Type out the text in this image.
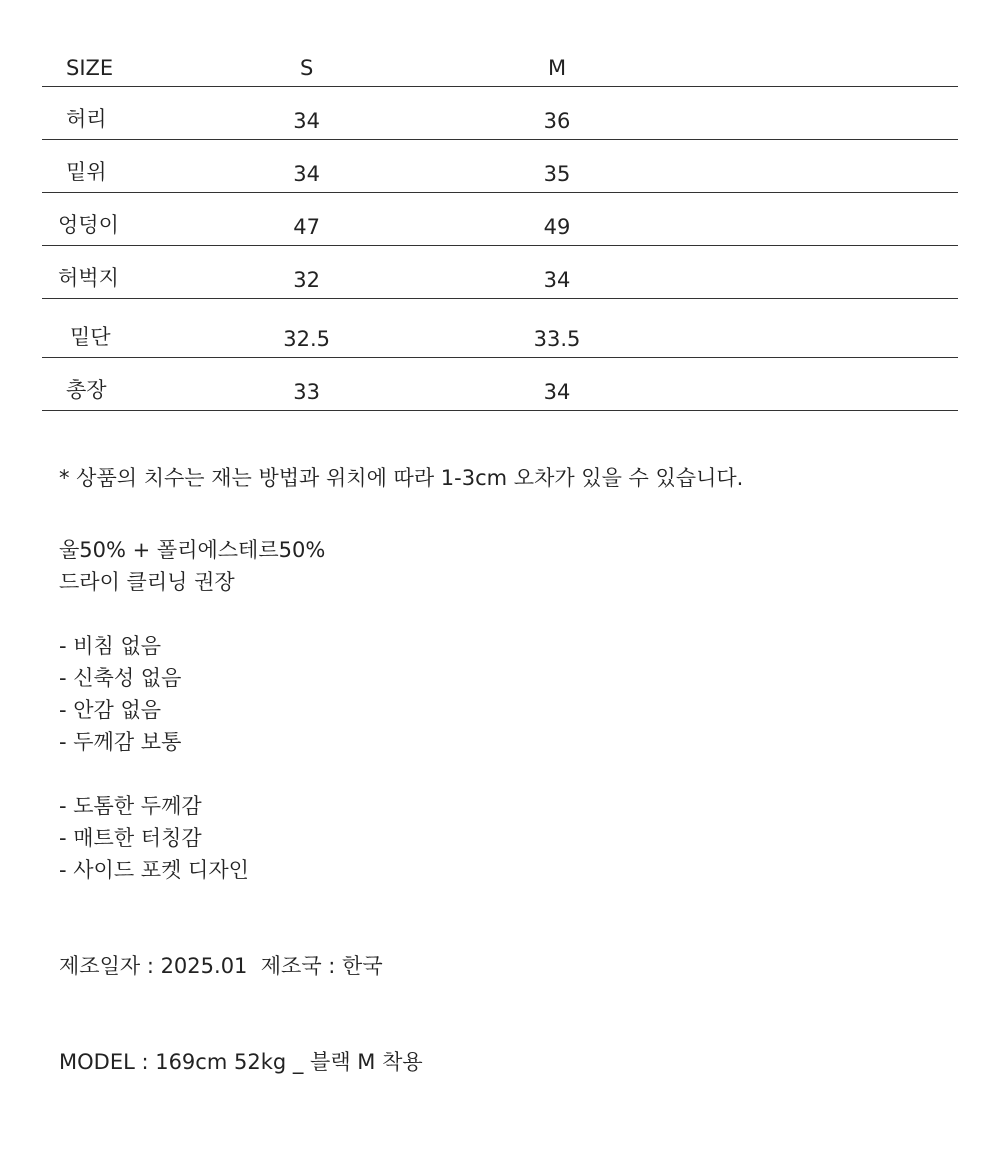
SIZE	S	M	
허리	34	36	
밑위	34	35	
엉덩이	47	49	
허벅지	32	34	
밑단	32.5	33.5	
총장	33	34	

* 상품의 치수는 재는 방법과 위치에 따라 1-3cm 오차가 있을 수 있습니다.

울50% + 폴리에스테르50%

드라이 클리닝 권장

- 비침 없음

- 신축성 없음

- 안감 없음

- 두께감 보통

- 도톰한 두께감

- 매트한 터칭감

- 사이드 포켓 디자인

제조일자 : 2025.01  제조국 : 한국

MODEL : 169cm 52kg _ 블랙 M 착용
